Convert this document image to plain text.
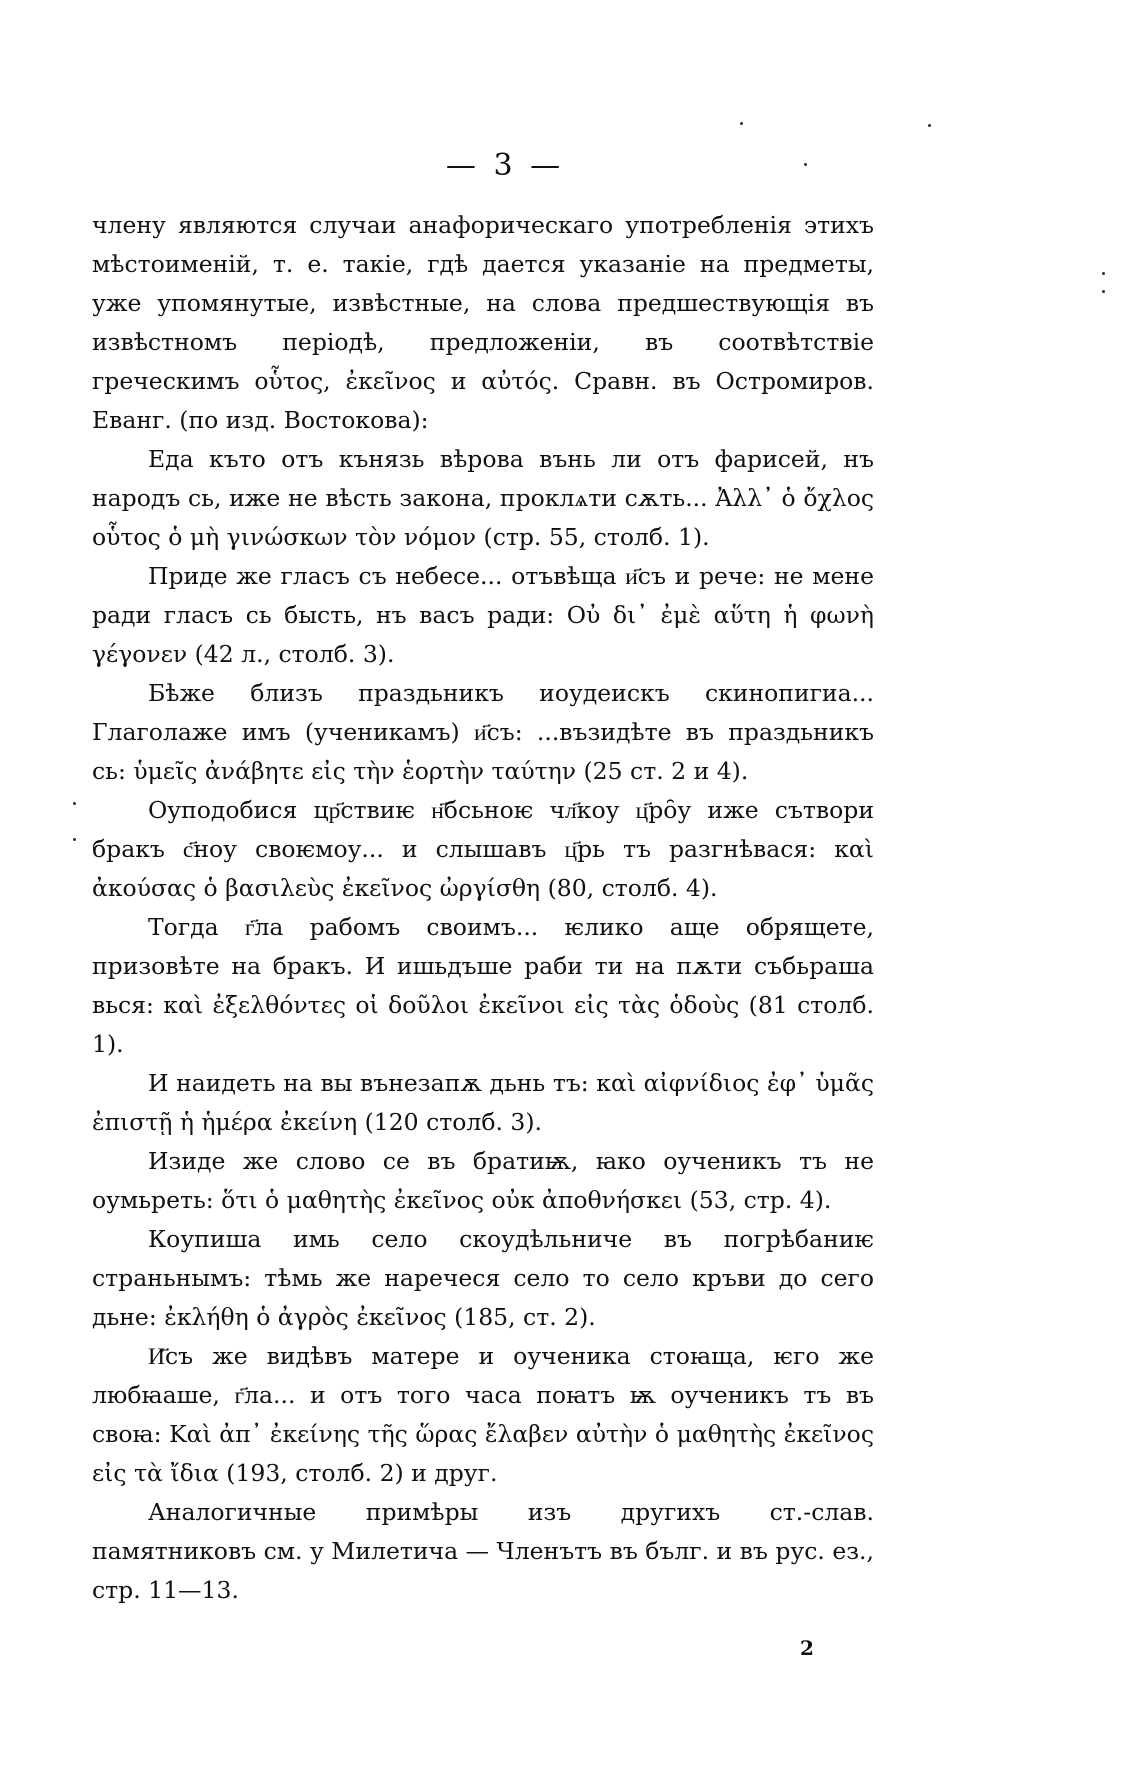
— 3 —

члену являются случаи анафорическаго употребленія этихъ мѣстоименій, т. е. такіе, гдѣ дается указаніе на предметы, уже упомянутые, извѣстные, на слова предшествующія въ извѣстномъ періодѣ, предложеніи, въ соотвѣтствіе греческимъ οὗτος, ἐκεῖνος и αὐτός. Сравн. въ Остромиров. Еванг. (по изд. Востокова):

Еда къто отъ кънязь вѣрова вънь ли отъ фарисей, нъ народъ сь, иже не вѣсть закона, проклѧти сѫть... Ἀλλ᾽ ὁ ὄχλος οὗτος ὁ μὴ γινώσκων τὸν νόμον (стр. 55, столб. 1).

Приде же гласъ съ небесе... отъвѣща и҃съ и рече: не мене ради гласъ сь бысть, нъ васъ ради: Οὐ δι᾽ ἐμὲ αὕτη ἡ φωνὴ γέγονεν (42 л., столб. 3).

Бѣже близъ праздьникъ иоудеискъ скинопигиа... Глаголаже имъ (ученикамъ) и҃съ: ...възидѣте въ праздьникъ сь: ὑμεῖς ἀνάβητε εἰς τὴν ἑορτὴν ταύτην (25 ст. 2 и 4).

Оуподобися цр҃ствиѥ н҃бсьноѥ чл҃коу ц҃ро̑у иже сътвори бракъ с҃ноу своѥмоу... и слышавъ ц҃рь тъ разгнѣвася: καὶ ἀκούσας ὁ βασιλεὺς ἐκεῖνος ὠργίσθη (80, столб. 4).

Тогда г҃ла рабомъ своимъ... ѥлико аще обрящете, призовѣте на бракъ. И ишьдъше раби ти на пѫти събьраша вься: καὶ ἐξελθόντες οἱ δοῦλοι ἐκεῖνοι εἰς τὰς ὁδοὺς (81 столб. 1).

И наидеть на вы вънезапѫ дьнь тъ: καὶ αἰφνίδιος ἐφ᾽ ὑμᾶς ἐπιστῇ ἡ ἡμέρα ἐκείνη (120 столб. 3).

Изиде же слово се въ братиѭ, ꙗко оученикъ тъ не оумьреть: ὅτι ὁ μαθητὴς ἐκεῖνος οὐκ ἀποθνήσκει (53, стр. 4).

Коупиша имь село скоудѣльниче въ погрѣбаниѥ страньнымъ: тѣмь же наречеся село то село кръви до сего дьне: ἐκλήθη ὁ ἀγρὸς ἐκεῖνος (185, ст. 2).

И҃съ же видѣвъ матере и оученика стоꙗща, ѥго же любꙗаше, г҃ла... и отъ того часа поꙗтъ ѭ оученикъ тъ въ своꙗ: Καὶ ἀπ᾽ ἐκείνης τῆς ὥρας ἔλαβεν αὐτὴν ὁ μαθητὴς ἐκεῖνος εἰς τὰ ἴδια (193, столб. 2) и друг.

Аналогичные примѣры изъ другихъ ст.-слав. памятниковъ см. у Милетича — Членътъ въ бълг. и въ рус. ез., стр. 11—13.

2
